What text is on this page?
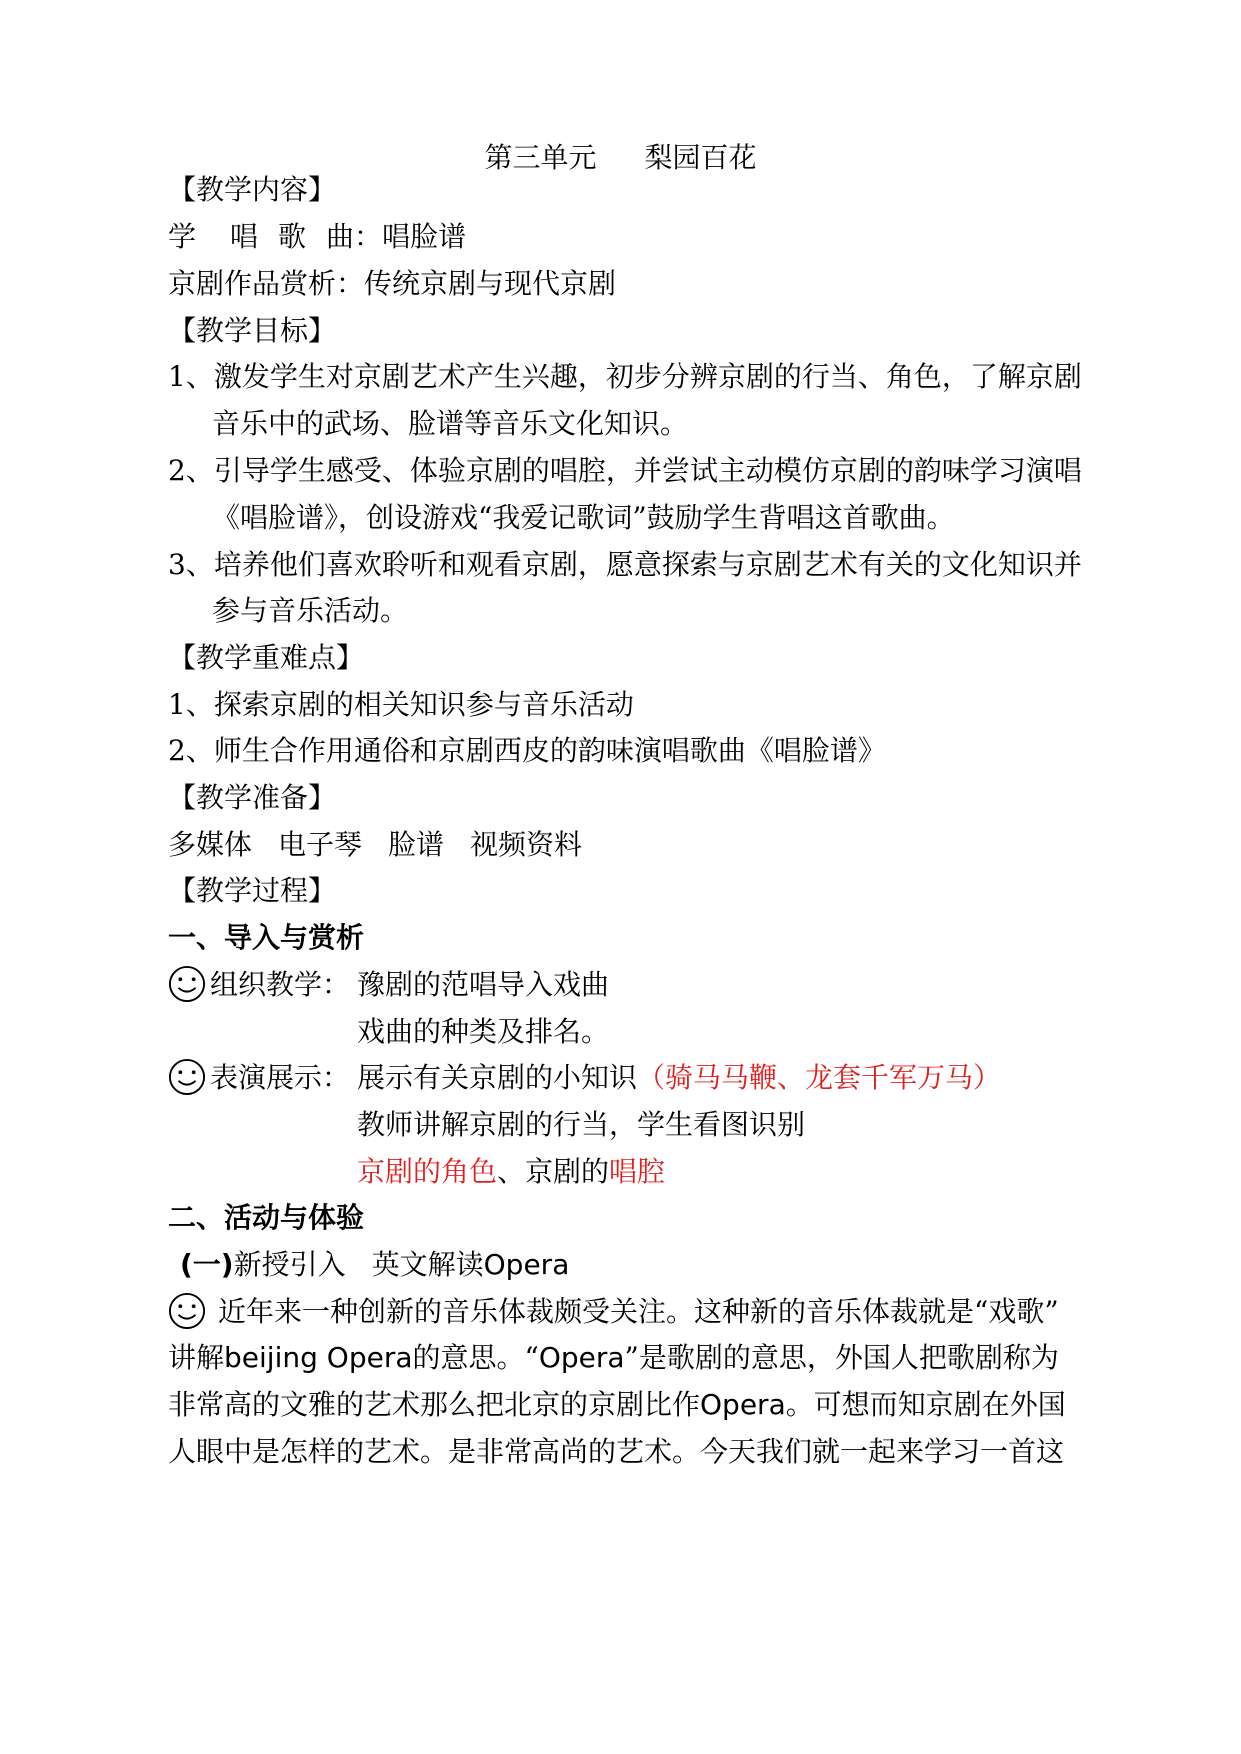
第三单元 梨园百花
【教学内容】
学 唱 歌 曲：唱脸谱
京剧作品赏析：传统京剧与现代京剧
【教学目标】
1、激发学生对京剧艺术产生兴趣，初步分辨京剧的行当、角色，了解京剧
音乐中的武场、脸谱等音乐文化知识。
2、引导学生感受、体验京剧的唱腔，并尝试主动模仿京剧的韵味学习演唱
《唱脸谱》，创设游戏“我爱记歌词”鼓励学生背唱这首歌曲。
3、培养他们喜欢聆听和观看京剧，愿意探索与京剧艺术有关的文化知识并
参与音乐活动。
【教学重难点】
1、探索京剧的相关知识参与音乐活动
2、师生合作用通俗和京剧西皮的韵味演唱歌曲《唱脸谱》
【教学准备】
多媒体 电子琴 脸谱 视频资料
【教学过程】
一、导入与赏析
组织教学： 豫剧的范唱导入戏曲
戏曲的种类及排名。
表演展示： 展示有关京剧的小知识（骑马马鞭、龙套千军万马）
教师讲解京剧的行当，学生看图识别
京剧的角色、京剧的唱腔
二、活动与体验
(一)新授引入 英文解读Opera
近年来一种创新的音乐体裁颇受关注。这种新的音乐体裁就是“戏歌”
讲解beijing Opera的意思。“Opera”是歌剧的意思，外国人把歌剧称为
非常高的文雅的艺术那么把北京的京剧比作Opera。可想而知京剧在外国
人眼中是怎样的艺术。是非常高尚的艺术。今天我们就一起来学习一首这
